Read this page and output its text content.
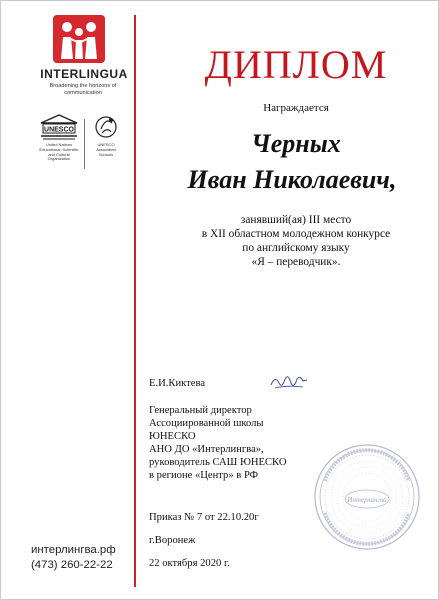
INTERLINGUA
Broadening the horizons of communication
UNESCO
United Nations Educational, Scientific and Cultural Organization
UNESCO Associated Schools
интерлингва.рф
(473) 260-22-22
ДИПЛОМ
Награждается
Черных
Иван Николаевич,
занявший(ая) III место
в XII областном молодежном конкурсе
по английскому языку
«Я – переводчик».
Е.И.Киктева
Генеральный директор
Ассоциированной школы
ЮНЕСКО
АНО ДО «Интерлингва»,
руководитель САШ ЮНЕСКО
в регионе «Центр» в РФ
Интерлингва
Приказ № 7 от 22.10.20г
г.Воронеж
22 октября 2020 г.
